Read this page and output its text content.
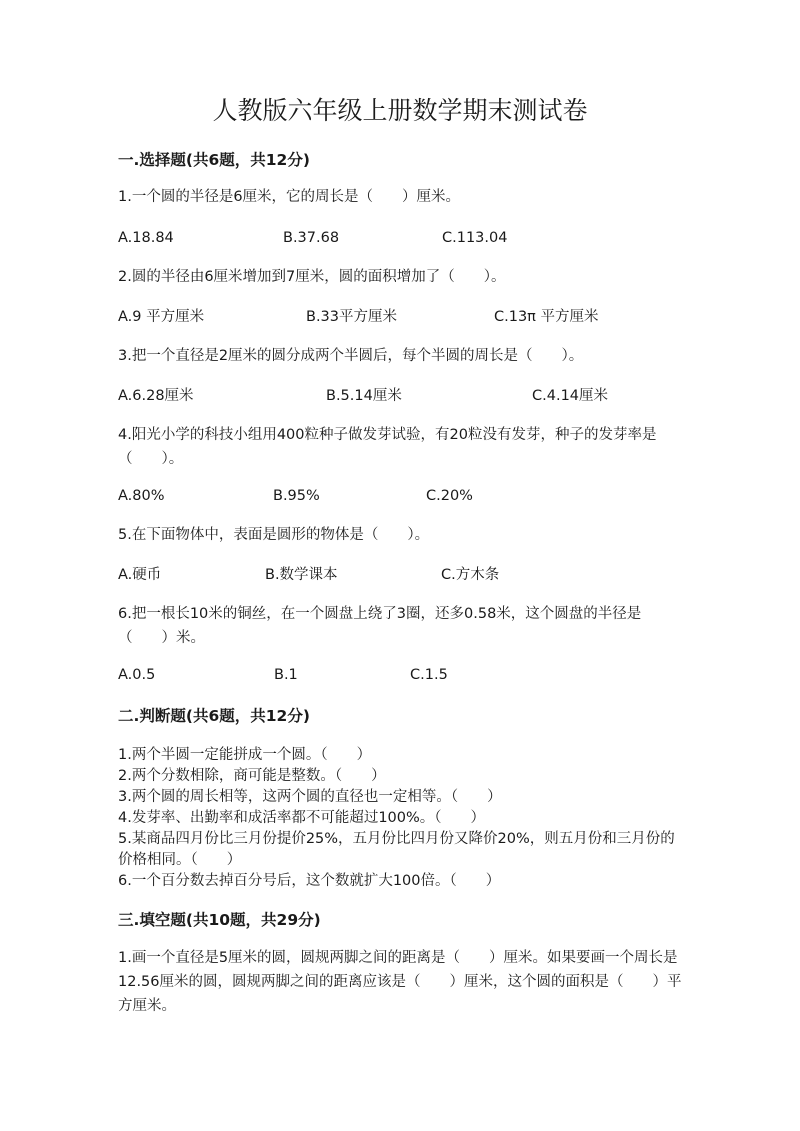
人教版六年级上册数学期末测试卷
一.选择题(共6题，共12分)
1.一个圆的半径是6厘米，它的周长是（　　）厘米。
A.18.84	B.37.68	C.113.04
2.圆的半径由6厘米增加到7厘米，圆的面积增加了（　　）。
A.9 平方厘米	B.33平方厘米	C.13π 平方厘米
3.把一个直径是2厘米的圆分成两个半圆后，每个半圆的周长是（　　）。
A.6.28厘米	B.5.14厘米	C.4.14厘米
4.阳光小学的科技小组用400粒种子做发芽试验，有20粒没有发芽，种子的发芽率是（　　）。
A.80%	B.95%	C.20%
5.在下面物体中，表面是圆形的物体是（　　）。
A.硬币	B.数学课本	C.方木条
6.把一根长10米的铜丝，在一个圆盘上绕了3圈，还多0.58米，这个圆盘的半径是（　　）米。
A.0.5	B.1	C.1.5
二.判断题(共6题，共12分)
1.两个半圆一定能拼成一个圆。（　　）
2.两个分数相除，商可能是整数。（　　）
3.两个圆的周长相等，这两个圆的直径也一定相等。（　　）
4.发芽率、出勤率和成活率都不可能超过100%。（　　）
5.某商品四月份比三月份提价25%，五月份比四月份又降价20%，则五月份和三月份的价格相同。（　　）
6.一个百分数去掉百分号后，这个数就扩大100倍。（　　）
三.填空题(共10题，共29分)
1.画一个直径是5厘米的圆，圆规两脚之间的距离是（　　）厘米。如果要画一个周长是12.56厘米的圆，圆规两脚之间的距离应该是（　　）厘米，这个圆的面积是（　　）平方厘米。
